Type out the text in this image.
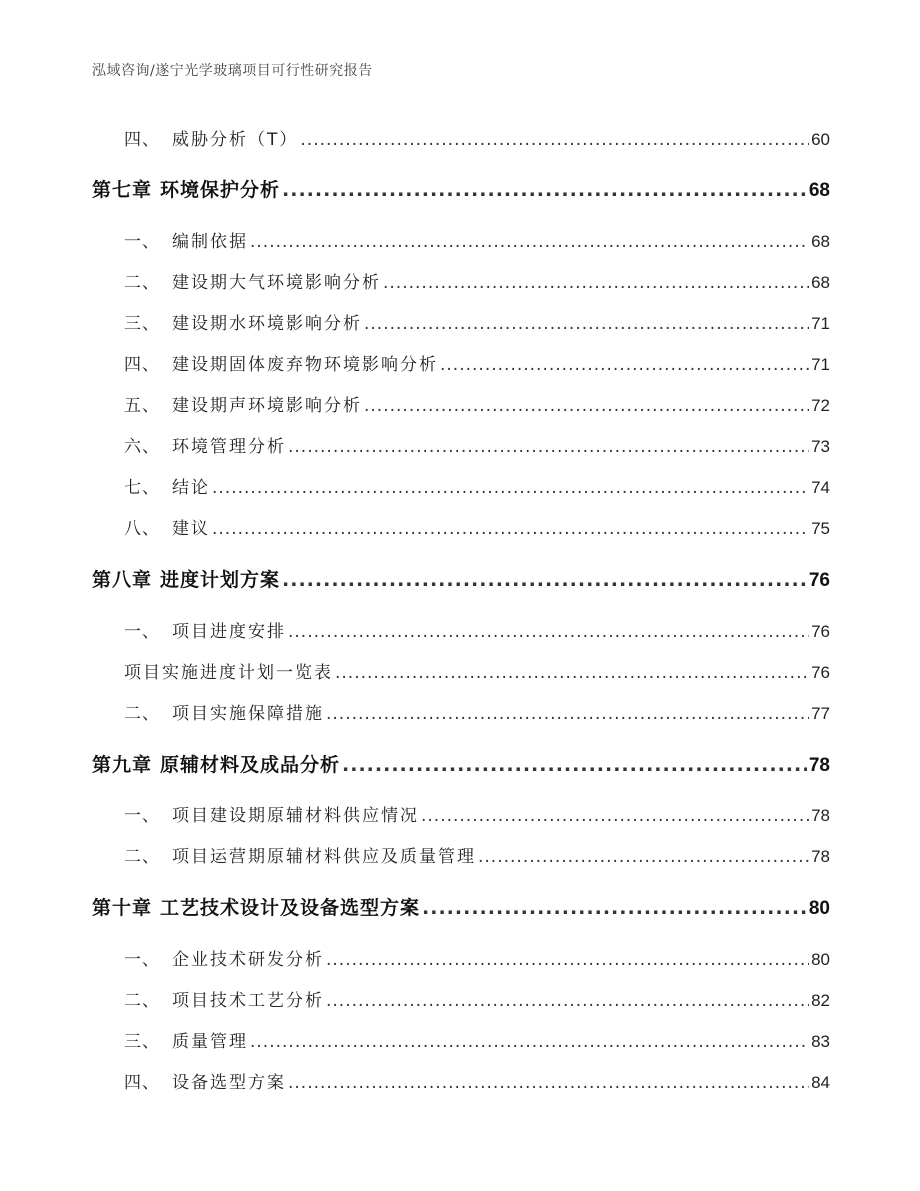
泓域咨询/遂宁光学玻璃项目可行性研究报告
四、 威胁分析（T） .....	60
第七章 环境保护分析 .....	68
一、 编制依据 .....	68
二、 建设期大气环境影响分析 .....	68
三、 建设期水环境影响分析 .....	71
四、 建设期固体废弃物环境影响分析 .....	71
五、 建设期声环境影响分析 .....	72
六、 环境管理分析 .....	73
七、 结论 .....	74
八、 建议 .....	75
第八章 进度计划方案 .....	76
一、 项目进度安排 .....	76
项目实施进度计划一览表 .....	76
二、 项目实施保障措施 .....	77
第九章 原辅材料及成品分析 .....	78
一、 项目建设期原辅材料供应情况 .....	78
二、 项目运营期原辅材料供应及质量管理 .....	78
第十章 工艺技术设计及设备选型方案 .....	80
一、 企业技术研发分析 .....	80
二、 项目技术工艺分析 .....	82
三、 质量管理 .....	83
四、 设备选型方案 .....	84
